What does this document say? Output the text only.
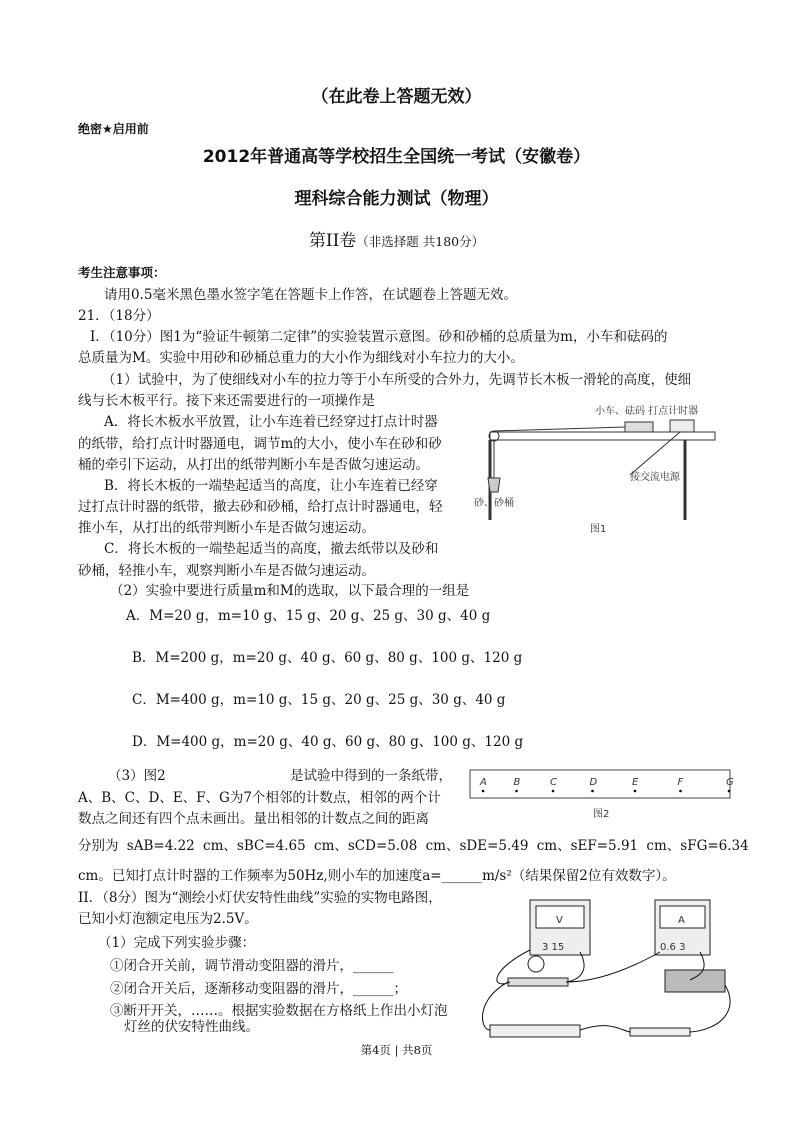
（在此卷上答题无效）
绝密★启用前
2012年普通高等学校招生全国统一考试（安徽卷）
理科综合能力测试（物理）
第II卷（非选择题 共180分）
考生注意事项：
请用0.5毫米黑色墨水签字笔在答题卡上作答，在试题卷上答题无效。
21．（18分）
I．（10分）图1为“验证牛顿第二定律”的实验装置示意图。砂和砂桶的总质量为m，小车和砝码的
总质量为M。实验中用砂和砂桶总重力的大小作为细线对小车拉力的大小。
（1）试验中，为了使细线对小车的拉力等于小车所受的合外力，先调节长木板一滑轮的高度，使细
线与长木板平行。接下来还需要进行的一项操作是
A．将长木板水平放置，让小车连着已经穿过打点计时器
的纸带，给打点计时器通电，调节m的大小，使小车在砂和砂
桶的牵引下运动，从打出的纸带判断小车是否做匀速运动。
B．将长木板的一端垫起适当的高度，让小车连着已经穿
过打点计时器的纸带，撤去砂和砂桶，给打点计时器通电，轻
推小车，从打出的纸带判断小车是否做匀速运动。
C．将长木板的一端垫起适当的高度，撤去纸带以及砂和
砂桶，轻推小车，观察判断小车是否做匀速运动。
（2）实验中要进行质量m和M的选取，以下最合理的一组是
A．M=20 g，m=10 g、15 g、20 g、25 g、30 g、40 g
B．M=200 g，m=20 g、40 g、60 g、80 g、100 g、120 g
C．M=400 g，m=10 g、15 g、20 g、25 g、30 g、40 g
D．M=400 g，m=20 g、40 g、60 g、80 g、100 g、120 g
（3）图2	是试验中得到的一条纸带，
A、B、C、D、E、F、G为7个相邻的计数点，相邻的两个计
数点之间还有四个点未画出。量出相邻的计数点之间的距离
分别为 sAB=4.22 cm、sBC=4.65 cm、sCD=5.08 cm、sDE=5.49 cm、sEF=5.91 cm、sFG=6.34
cm。已知打点计时器的工作频率为50Hz,则小车的加速度a=______m/s²（结果保留2位有效数字）。
II．（8分）图为“测绘小灯伏安特性曲线”实验的实物电路图，
已知小灯泡额定电压为2.5V。
（1）完成下列实验步骤：
①闭合开关前，调节滑动变阻器的滑片，______
②闭合开关后，逐渐移动变阻器的滑片，______；
③断开开关，……。根据实验数据在方格纸上作出小灯泡
灯丝的伏安特性曲线。
小车、砝码 打点计时器
接交流电源
砂、砂桶
图1
A	B	C	D	E	F	G
图2
V
3 15
A
0.6 3
第4页 | 共8页
